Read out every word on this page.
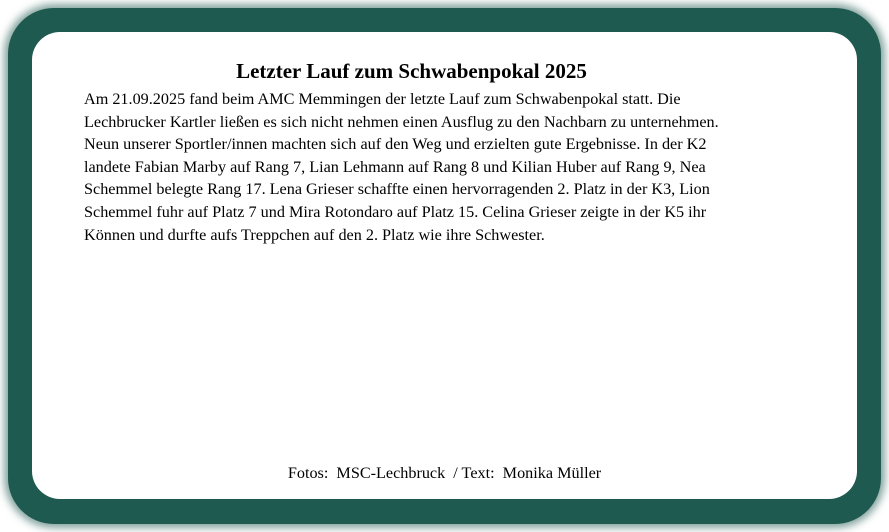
Letzter Lauf zum Schwabenpokal 2025

Am 21.09.2025 fand beim AMC Memmingen der letzte Lauf zum Schwabenpokal statt. Die Lechbrucker Kartler ließen es sich nicht nehmen einen Ausflug zu den Nachbarn zu unternehmen. Neun unserer Sportler/innen machten sich auf den Weg und erzielten gute Ergebnisse. In der K2 landete Fabian Marby auf Rang 7, Lian Lehmann auf Rang 8 und Kilian Huber auf Rang 9, Nea Schemmel belegte Rang 17. Lena Grieser schaffte einen hervorragenden 2. Platz in der K3, Lion Schemmel fuhr auf Platz 7 und Mira Rotondaro auf Platz 15. Celina Grieser zeigte in der K5 ihr Können und durfte aufs Treppchen auf den 2. Platz wie ihre Schwester.

Fotos:  MSC-Lechbruck  / Text:  Monika Müller
